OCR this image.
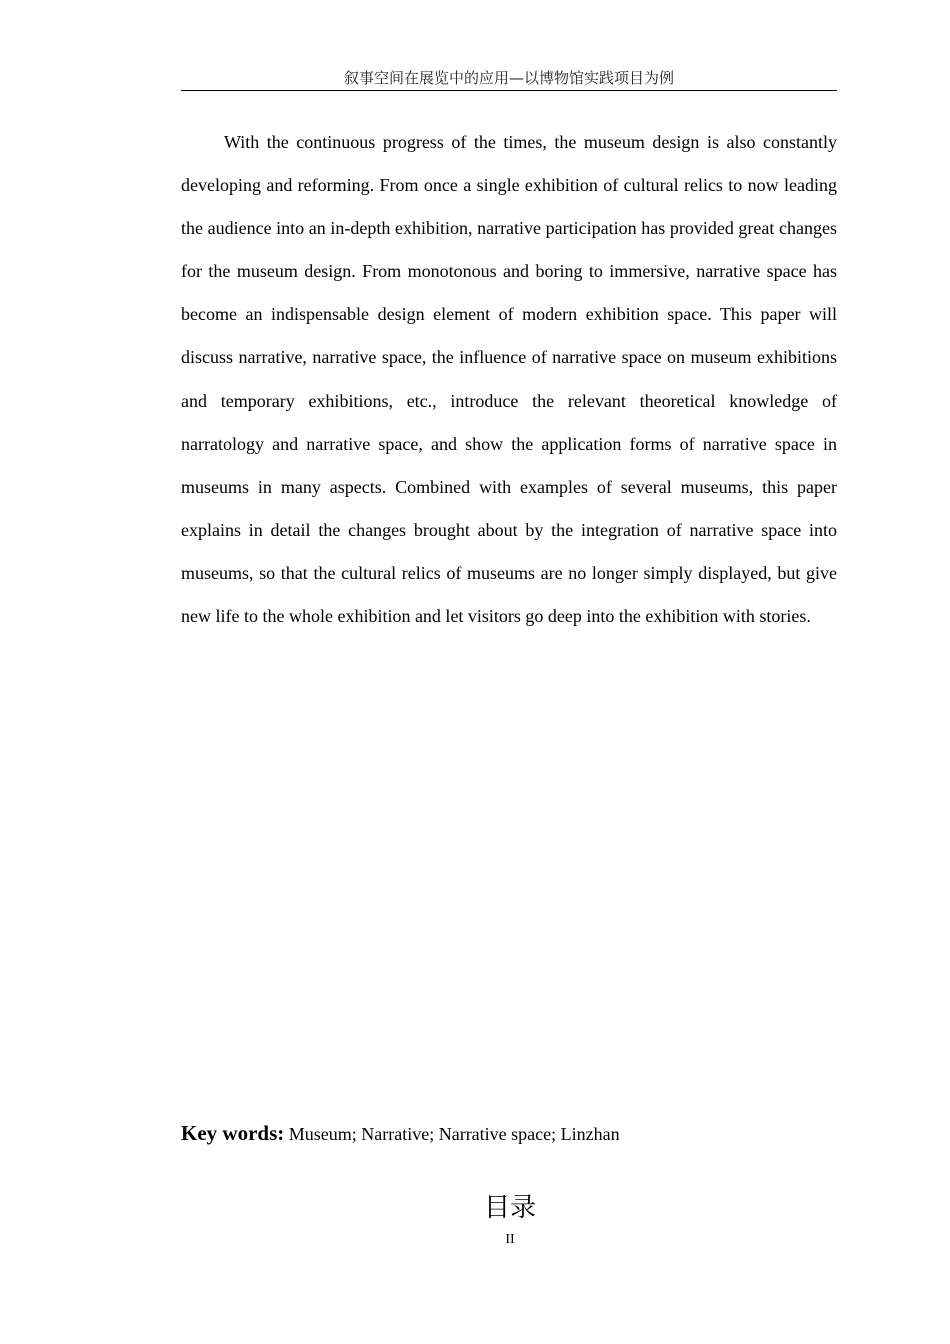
叙事空间在展览中的应用—以博物馆实践项目为例

With the continuous progress of the times, the museum design is also constantly developing and reforming. From once a single exhibition of cultural relics to now leading the audience into an in-depth exhibition, narrative participation has provided great changes for the museum design. From monotonous and boring to immersive, narrative space has become an indispensable design element of modern exhibition space. This paper will discuss narrative, narrative space, the influence of narrative space on museum exhibitions and temporary exhibitions, etc., introduce the relevant theoretical knowledge of narratology and narrative space, and show the application forms of narrative space in museums in many aspects. Combined with examples of several museums, this paper explains in detail the changes brought about by the integration of narrative space into museums, so that the cultural relics of museums are no longer simply displayed, but give new life to the whole exhibition and let visitors go deep into the exhibition with stories.

Key words: Museum; Narrative; Narrative space; Linzhan
目录
II
